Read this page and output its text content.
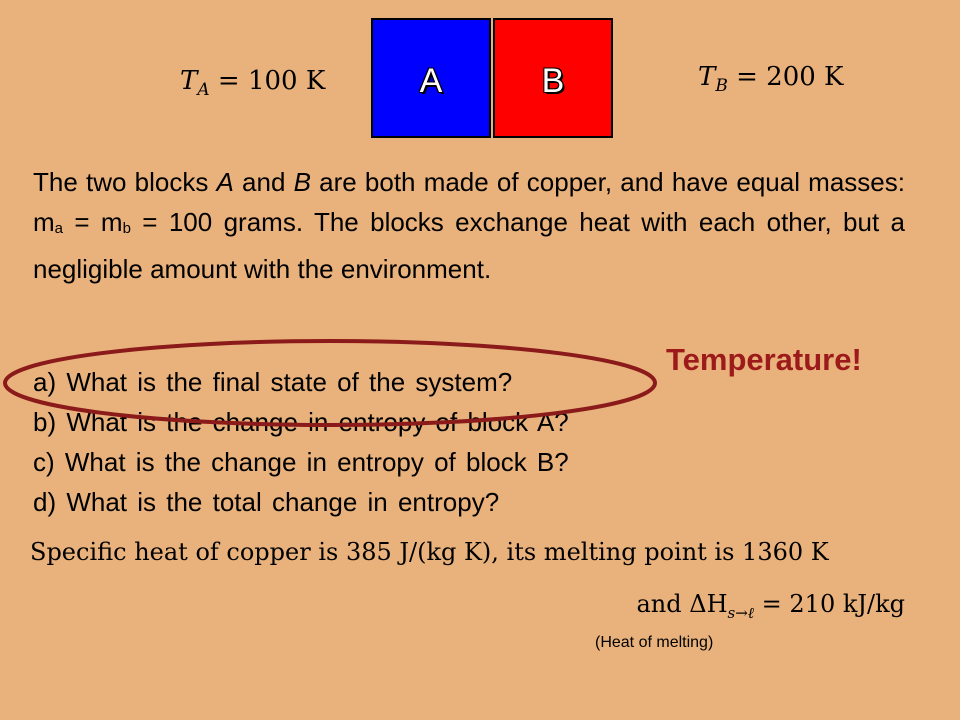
A	B
$T_A = 100$ K	$T_B = 200$ K
The two blocks A and B are both made of copper, and have equal masses: $m_a = m_b = 100$ grams. The blocks exchange heat with each other, but a negligible amount with the environment.
a) What is the final state of the system?
b) What is the change in entropy of block A?
c) What is the change in entropy of block B?
d) What is the total change in entropy?
Temperature!
Specific heat of copper is 385 J/(kg K), its melting point is 1360 K
and $\Delta H_{s\to\ell} = 210$ kJ/kg
(Heat of melting)
